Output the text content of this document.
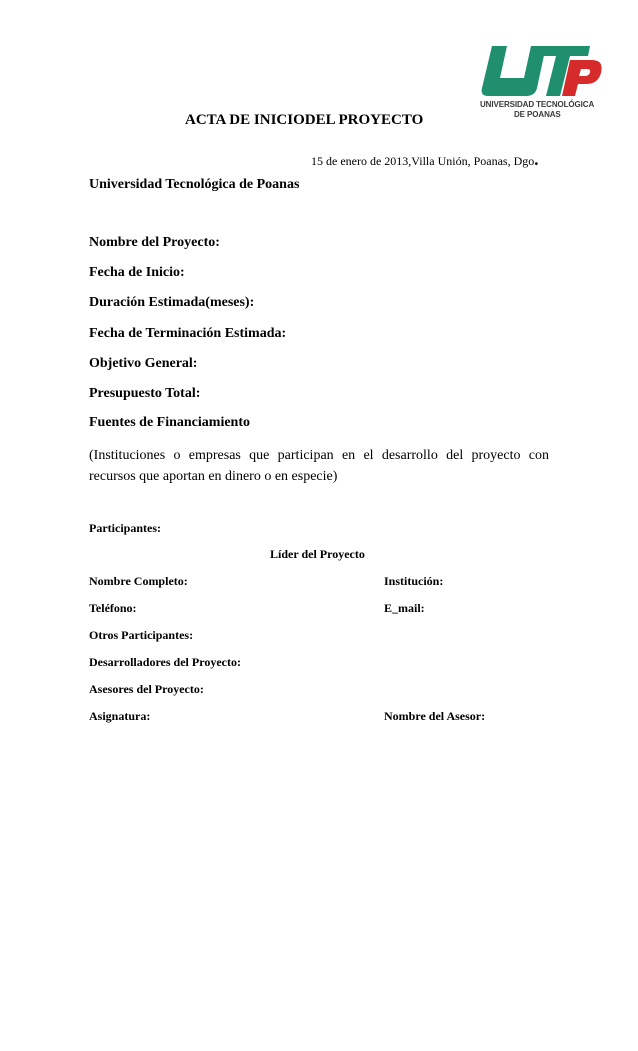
UNIVERSIDAD TECNOLÓGICA
DE POANAS
ACTA DE INICIODEL PROYECTO
15 de enero de 2013,Villa Unión, Poanas, Dgo.
Universidad Tecnológica de Poanas
Nombre del Proyecto:
Fecha de Inicio:
Duración Estimada(meses):
Fecha de Terminación Estimada:
Objetivo General:
Presupuesto Total:
Fuentes de Financiamiento
(Instituciones o empresas que participan en el desarrollo del proyecto con
recursos que aportan en dinero o en especie)
Participantes:
Líder del Proyecto
Nombre Completo:	Institución:
Teléfono:	E_mail:
Otros Participantes:
Desarrolladores del Proyecto:
Asesores del Proyecto:
Asignatura:	Nombre del Asesor:
